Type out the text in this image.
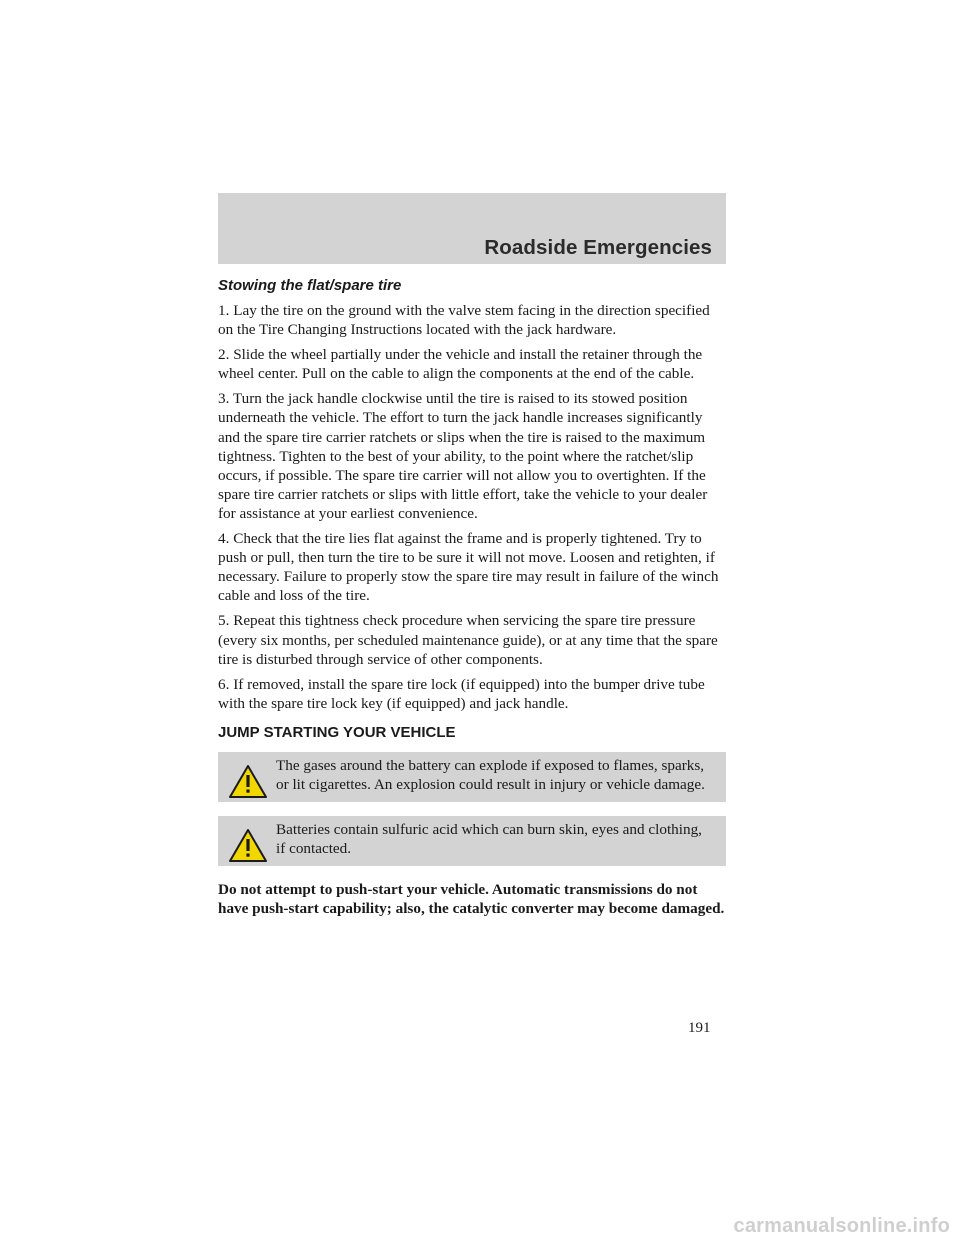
Roadside Emergencies
Stowing the flat/spare tire

1. Lay the tire on the ground with the valve stem facing in the direction specified on the Tire Changing Instructions located with the jack hardware.

2. Slide the wheel partially under the vehicle and install the retainer through the wheel center. Pull on the cable to align the components at the end of the cable.

3. Turn the jack handle clockwise until the tire is raised to its stowed position underneath the vehicle. The effort to turn the jack handle increases significantly and the spare tire carrier ratchets or slips when the tire is raised to the maximum tightness. Tighten to the best of your ability, to the point where the ratchet/slip occurs, if possible. The spare tire carrier will not allow you to overtighten. If the spare tire carrier ratchets or slips with little effort, take the vehicle to your dealer for assistance at your earliest convenience.

4. Check that the tire lies flat against the frame and is properly tightened. Try to push or pull, then turn the tire to be sure it will not move. Loosen and retighten, if necessary. Failure to properly stow the spare tire may result in failure of the winch cable and loss of the tire.

5. Repeat this tightness check procedure when servicing the spare tire pressure (every six months, per scheduled maintenance guide), or at any time that the spare tire is disturbed through service of other components.

6. If removed, install the spare tire lock (if equipped) into the bumper drive tube with the spare tire lock key (if equipped) and jack handle.

JUMP STARTING YOUR VEHICLE
The gases around the battery can explode if exposed to flames, sparks, or lit cigarettes. An explosion could result in injury or vehicle damage.
Batteries contain sulfuric acid which can burn skin, eyes and clothing, if contacted.

Do not attempt to push-start your vehicle. Automatic transmissions do not have push-start capability; also, the catalytic converter may become damaged.

191
carmanualsonline.info
